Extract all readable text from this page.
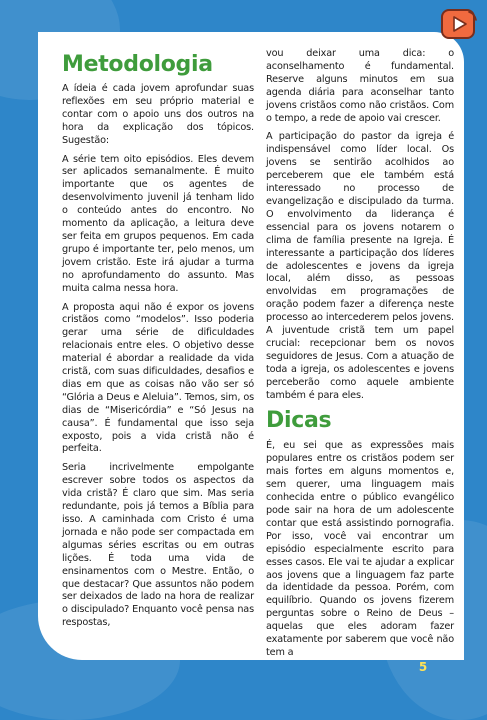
Metodologia

A ídeia é cada jovem aprofundar suas reflexões em seu próprio material e contar com o apoio uns dos outros na hora da explicação dos tópicos. Sugestão:

A série tem oito episódios. Eles devem ser aplicados semanalmente. É muito importante que os agentes de desenvolvimento juvenil já tenham lido o conteúdo antes do encontro. No momento da aplicação, a leitura deve ser feita em grupos pequenos. Em cada grupo é importante ter, pelo menos, um jovem cristão. Este irá ajudar a turma no aprofundamento do assunto. Mas muita calma nessa hora.

A proposta aqui não é expor os jovens cristãos como “modelos”. Isso poderia gerar uma série de dificuldades relacionais entre eles. O objetivo desse material é abordar a realidade da vida cristã, com suas dificuldades, desafios e dias em que as coisas não vão ser só “Glória a Deus e Aleluia”. Temos, sim, os dias de “Misericórdia” e “Só Jesus na causa”. É fundamental que isso seja exposto, pois a vida cristã não é perfeita.

Seria incrivelmente empolgante escrever sobre todos os aspectos da vida cristã? É claro que sim. Mas seria redundante, pois já temos a Bíblia para isso. A caminhada com Cristo é uma jornada e não pode ser compactada em algumas séries escritas ou em outras lições. É toda uma vida de ensinamentos com o Mestre. Então, o que destacar? Que assuntos não podem ser deixados de lado na hora de realizar o discipulado? Enquanto você pensa nas respostas,

vou deixar uma dica: o aconselhamento é fundamental. Reserve alguns minutos em sua agenda diária para aconselhar tanto jovens cristãos como não cristãos. Com o tempo, a rede de apoio vai crescer.

A participação do pastor da igreja é indispensável como líder local. Os jovens se sentirão acolhidos ao perceberem que ele também está interessado no processo de evangelização e discipulado da turma. O envolvimento da liderança é essencial para os jovens notarem o clima de família presente na Igreja. É interessante a participação dos líderes de adolescentes e jovens da igreja local, além disso, as pessoas envolvidas em programações de oração podem fazer a diferença neste processo ao intercederem pelos jovens. A juventude cristã tem um papel crucial: recepcionar bem os novos seguidores de Jesus. Com a atuação de toda a igreja, os adolescentes e jovens perceberão como aquele ambiente também é para eles.

Dicas

É, eu sei que as expressões mais populares entre os cristãos podem ser mais fortes em alguns momentos e, sem querer, uma linguagem mais conhecida entre o público evangélico pode sair na hora de um adolescente contar que está assistindo pornografia. Por isso, você vai encontrar um episódio especialmente escrito para esses casos. Ele vai te ajudar a explicar aos jovens que a linguagem faz parte da identidade da pessoa. Porém, com equilíbrio. Quando os jovens fizerem perguntas sobre o Reino de Deus – aquelas que eles adoram fazer exatamente por saberem que você não tem a

5
